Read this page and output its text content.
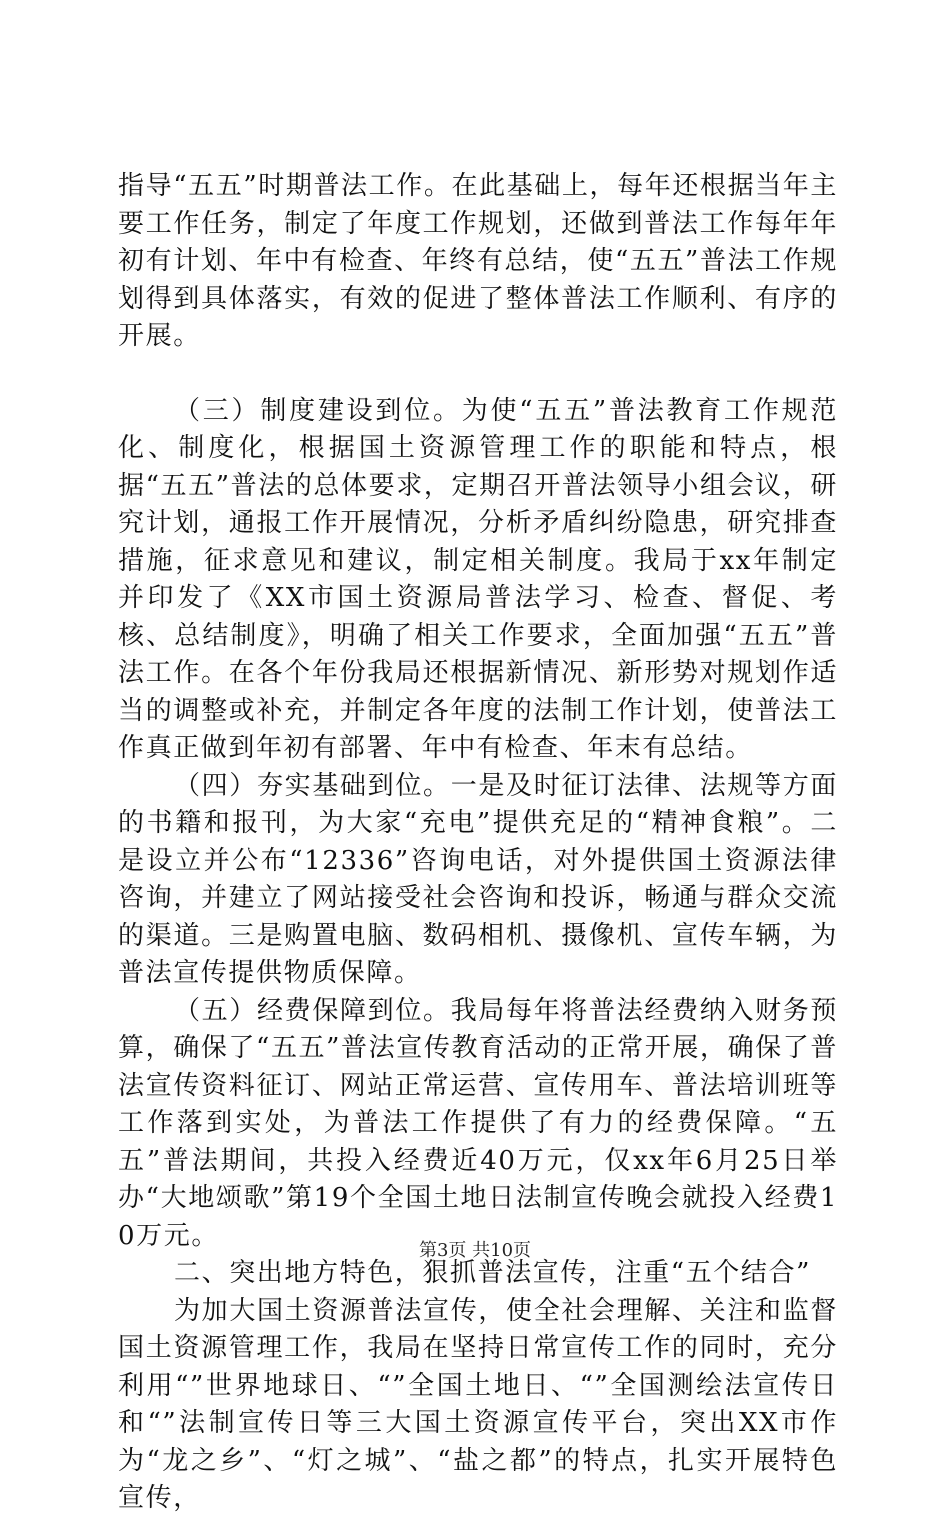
指导“五五”时期普法工作。在此基础上，每年还根据当年主要工作任务，制定了年度工作规划，还做到普法工作每年年初有计划、年中有检查、年终有总结，使“五五”普法工作规划得到具体落实，有效的促进了整体普法工作顺利、有序的开展。

（三）制度建设到位。为使“五五”普法教育工作规范化、制度化，根据国土资源管理工作的职能和特点，根据“五五”普法的总体要求，定期召开普法领导小组会议，研究计划，通报工作开展情况，分析矛盾纠纷隐患，研究排查措施，征求意见和建议，制定相关制度。我局于xx年制定并印发了《XX市国土资源局普法学习、检查、督促、考核、总结制度》，明确了相关工作要求，全面加强“五五”普法工作。在各个年份我局还根据新情况、新形势对规划作适当的调整或补充，并制定各年度的法制工作计划，使普法工作真正做到年初有部署、年中有检查、年末有总结。

（四）夯实基础到位。一是及时征订法律、法规等方面的书籍和报刊，为大家“充电”提供充足的“精神食粮”。二是设立并公布“12336”咨询电话，对外提供国土资源法律咨询，并建立了网站接受社会咨询和投诉，畅通与群众交流的渠道。三是购置电脑、数码相机、摄像机、宣传车辆，为普法宣传提供物质保障。

（五）经费保障到位。我局每年将普法经费纳入财务预算，确保了“五五”普法宣传教育活动的正常开展，确保了普法宣传资料征订、网站正常运营、宣传用车、普法培训班等工作落到实处，为普法工作提供了有力的经费保障。“五五”普法期间，共投入经费近40万元，仅xx年6月25日举办“大地颂歌”第19个全国土地日法制宣传晚会就投入经费10万元。

二、突出地方特色，狠抓普法宣传，注重“五个结合”

为加大国土资源普法宣传，使全社会理解、关注和监督国土资源管理工作，我局在坚持日常宣传工作的同时，充分利用“”世界地球日、“”全国土地日、“”全国测绘法宣传日和“”法制宣传日等三大国土资源宣传平台，突出XX市作为“龙之乡”、“灯之城”、“盐之都”的特点，扎实开展特色宣传，

第3页 共10页
